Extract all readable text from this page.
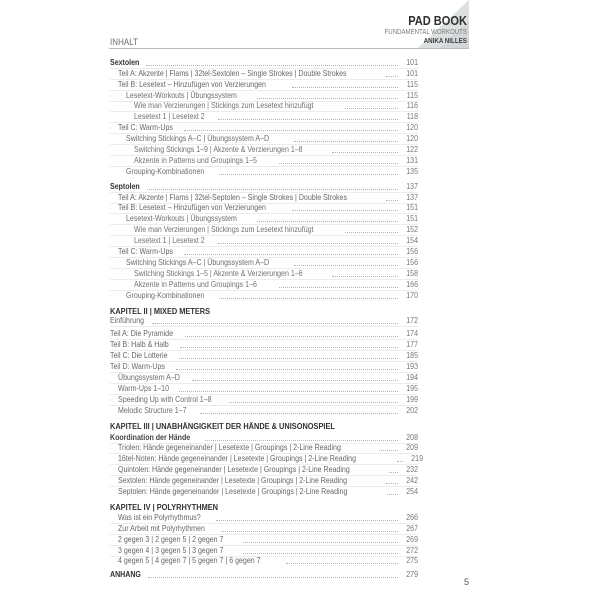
INHALT
PAD BOOK
FUNDAMENTAL WORKOUTS
ANIKA NILLES
Sextolen	101
Teil A: Akzente | Flams | 32tel-Sextolen – Single Strokes | Double Strokes	101
Teil B: Lesetext – Hinzufügen von Verzierungen	115
Lesetext-Workouts | Übungssystem	115
Wie man Verzierungen | Stickings zum Lesetext hinzufügt	116
Lesetext 1 | Lesetext 2	118
Teil C: Warm-Ups	120
Switching Stickings A–C | Übungssystem A–D	120
Switching Stickings 1–9 | Akzente & Verzierungen 1–8	122
Akzente in Patterns und Groupings 1–5	131
Grouping-Kombinationen	135
Septolen	137
Teil A: Akzente | Flams | 32tel-Septolen – Single Strokes | Double Strokes	137
Teil B: Lesetext – Hinzufügen von Verzierungen	151
Lesetext-Workouts | Übungssystem	151
Wie man Verzierungen | Stickings zum Lesetext hinzufügt	152
Lesetext 1 | Lesetext 2	154
Teil C: Warm-Ups	156
Switching Stickings A–C | Übungssystem A–D	156
Switching Stickings 1–5 | Akzente & Verzierungen 1–6	158
Akzente in Patterns und Groupings 1–6	166
Grouping-Kombinationen	170
KAPITEL II | MIXED METERS
Einführung	172
Teil A: Die Pyramide	174
Teil B: Halb & Halb	177
Teil C: Die Lotterie	185
Teil D: Warm-Ups	193
Übungssystem A–D	194
Warm-Ups 1–10	195
Speeding Up with Control 1–8	199
Melodic Structure 1–7	202
KAPITEL III | UNABHÄNGIGKEIT DER HÄNDE & UNISONOSPIEL
Koordination der Hände	208
Triolen: Hände gegeneinander | Lesetexte | Groupings | 2-Line Reading	209
16tel-Noten: Hände gegeneinander | Lesetexte | Groupings | 2-Line Reading	219
Quintolen: Hände gegeneinander | Lesetexte | Groupings | 2-Line Reading	232
Sextolen: Hände gegeneinander | Lesetexte | Groupings | 2-Line Reading	242
Septolen: Hände gegeneinander | Lesetexte | Groupings | 2-Line Reading	254
KAPITEL IV | POLYRHYTHMEN
Was ist ein Polyrhythmus?	266
Zur Arbeit mit Polyrhythmen	267
2 gegen 3 | 2 gegen 5 | 2 gegen 7	269
3 gegen 4 | 3 gegen 5 | 3 gegen 7	272
4 gegen 5 | 4 gegen 7 | 5 gegen 7 | 6 gegen 7	275
ANHANG	279
5
